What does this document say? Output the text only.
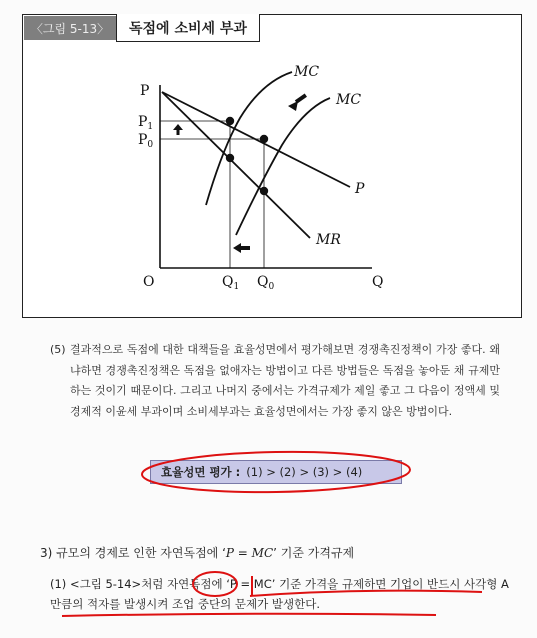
〈그림 5-13〉	독점에 소비세 부과
P
Q
O
$P_1$
$P_0$
$Q_1$ $Q_0$
MC
MC
P
MR
(5) 결과적으로 독점에 대한 대책들을 효율성면에서 평가해보면 경쟁촉진정책이 가장 좋다. 왜냐하면 경쟁촉진정책은 독점을 없애자는 방법이고 다른 방법들은 독점을 놓아둔 채 규제만 하는 것이기 때문이다. 그리고 나머지 중에서는 가격규제가 제일 좋고 그 다음이 정액세 및 경제적 이윤세 부과이며 소비세부과는 효율성면에서는 가장 좋지 않은 방법이다.
효율성면 평가 : (1) > (2) > (3) > (4)
3) 규모의 경제로 인한 자연독점에 ‘P = MC’ 기준 가격규제
(1) <그림 5-14>처럼 자연독점에 ‘P = MC’ 기준 가격을 규제하면 기업이 반드시 사각형 A만큼의 적자를 발생시켜 조업 중단의 문제가 발생한다.
